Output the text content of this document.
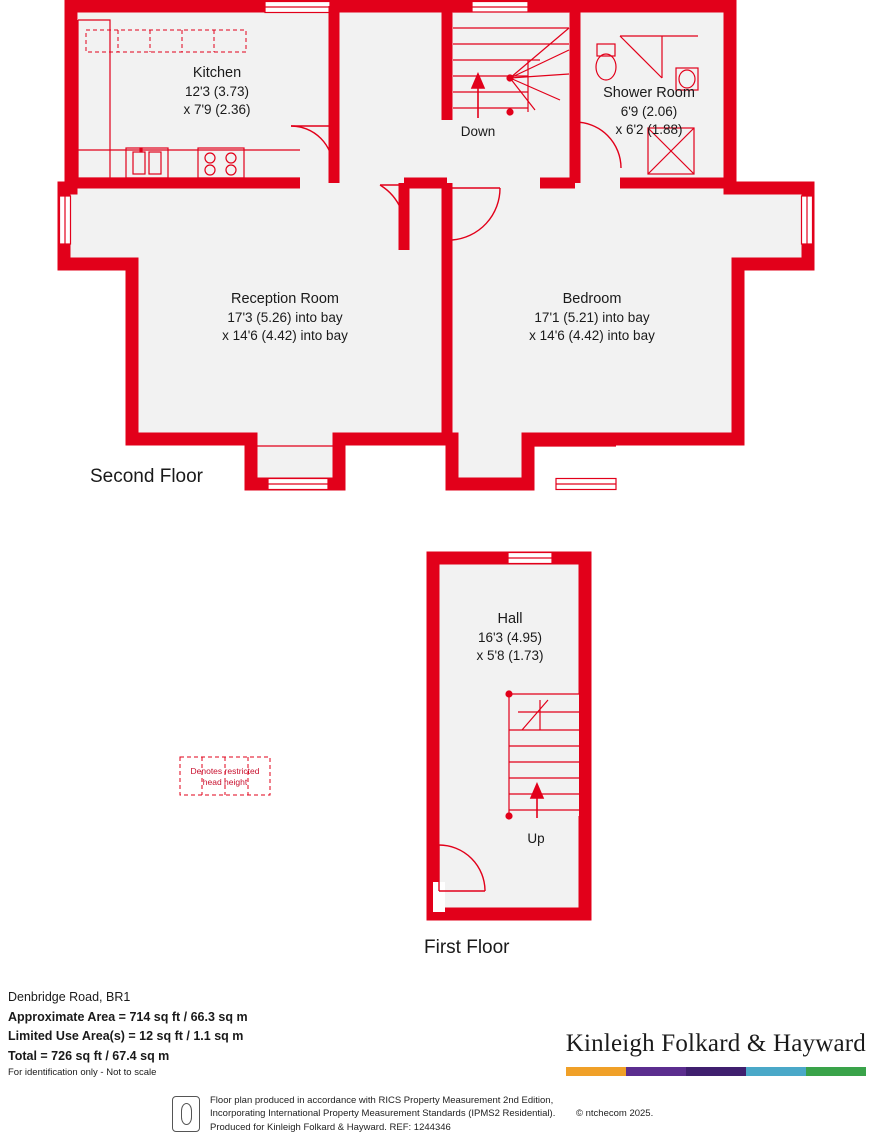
Kitchen
12'3 (3.73)
x 7'9 (2.36)
Shower Room
6'9 (2.06)
x 6'2 (1.88)
Reception Room
17'3 (5.26) into bay
x 14'6 (4.42) into bay
Bedroom
17'1 (5.21) into bay
x 14'6 (4.42) into bay
Down
Second Floor
Hall
16'3 (4.95)
x 5'8 (1.73)
Up
First Floor
Denotes restricted
head height
Denbridge Road, BR1
Approximate Area = 714 sq ft / 66.3 sq m
Limited Use Area(s) = 12 sq ft / 1.1 sq m
Total = 726 sq ft / 67.4 sq m
For identification only - Not to scale
Kinleigh Folkard & Hayward
Floor plan produced in accordance with RICS Property Measurement 2nd Edition,
Incorporating International Property Measurement Standards (IPMS2 Residential). © ntchecom 2025.
Produced for Kinleigh Folkard & Hayward. REF: 1244346
